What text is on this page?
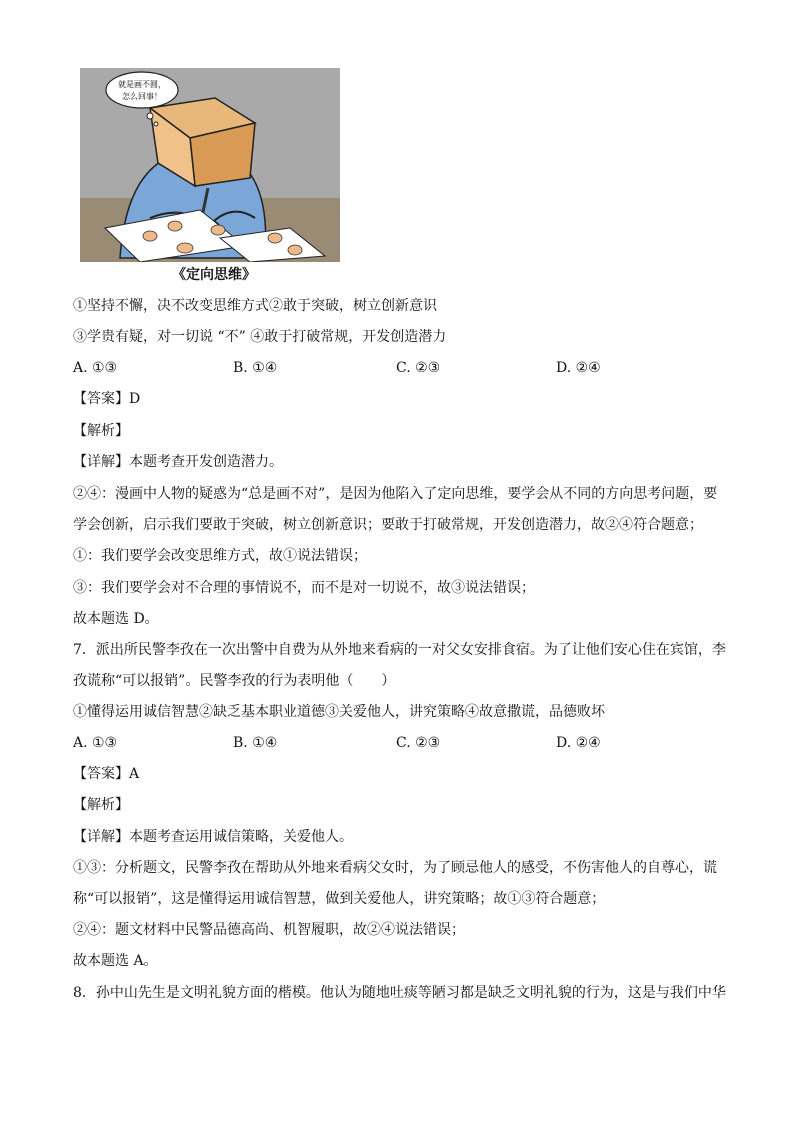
就是画不圆，
怎么回事！
《定向思维》
①坚持不懈，决不改变思维方式②敢于突破，树立创新意识
③学贵有疑，对一切说 “不” ④敢于打破常规，开发创造潜力
A. ①③	B. ①④	C. ②③	D. ②④
【答案】D
【解析】
【详解】本题考查开发创造潜力。
②④：漫画中人物的疑惑为“总是画不对”，是因为他陷入了定向思维，要学会从不同的方向思考问题，要
学会创新，启示我们要敢于突破，树立创新意识；要敢于打破常规，开发创造潜力，故②④符合题意；
①：我们要学会改变思维方式，故①说法错误；
③：我们要学会对不合理的事情说不，而不是对一切说不，故③说法错误；
故本题选 D。
7．派出所民警李孜在一次出警中自费为从外地来看病的一对父女安排食宿。为了让他们安心住在宾馆，李
孜谎称“可以报销”。民警李孜的行为表明他（　　）
①懂得运用诚信智慧②缺乏基本职业道德③关爱他人，讲究策略④故意撒谎，品德败坏
A. ①③	B. ①④	C. ②③	D. ②④
【答案】A
【解析】
【详解】本题考查运用诚信策略，关爱他人。
①③：分析题文，民警李孜在帮助从外地来看病父女时，为了顾忌他人的感受，不伤害他人的自尊心，谎
称“可以报销”，这是懂得运用诚信智慧，做到关爱他人，讲究策略；故①③符合题意；
②④：题文材料中民警品德高尚、机智履职，故②④说法错误；
故本题选 A。
8．孙中山先生是文明礼貌方面的楷模。他认为随地吐痰等陋习都是缺乏文明礼貌的行为，这是与我们中华
